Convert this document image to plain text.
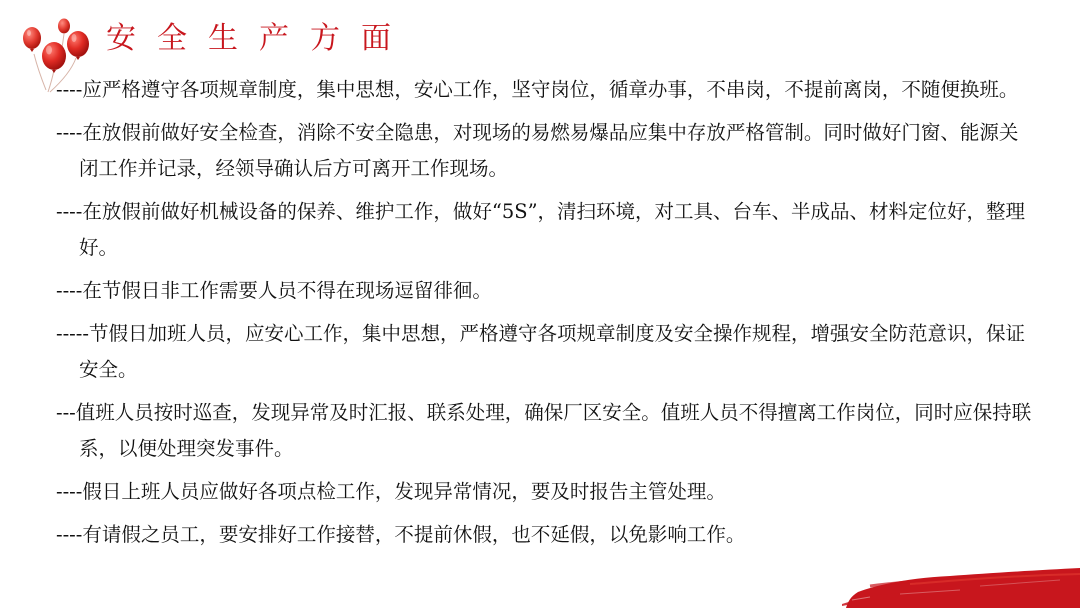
安全生产方面

----应严格遵守各项规章制度，集中思想，安心工作，坚守岗位，循章办事，不串岗，不提前离岗，不随便换班。

----在放假前做好安全检查，消除不安全隐患，对现场的易燃易爆品应集中存放严格管制。同时做好门窗、能源关闭工作并记录，经领导确认后方可离开工作现场。

----在放假前做好机械设备的保养、维护工作，做好“5S”，清扫环境，对工具、台车、半成品、材料定位好，整理好。

----在节假日非工作需要人员不得在现场逗留徘徊。

-----节假日加班人员，应安心工作，集中思想，严格遵守各项规章制度及安全操作规程，增强安全防范意识，保证安全。

---值班人员按时巡查，发现异常及时汇报、联系处理，确保厂区安全。值班人员不得擅离工作岗位，同时应保持联系，以便处理突发事件。

----假日上班人员应做好各项点检工作，发现异常情况，要及时报告主管处理。

----有请假之员工，要安排好工作接替，不提前休假，也不延假，以免影响工作。
